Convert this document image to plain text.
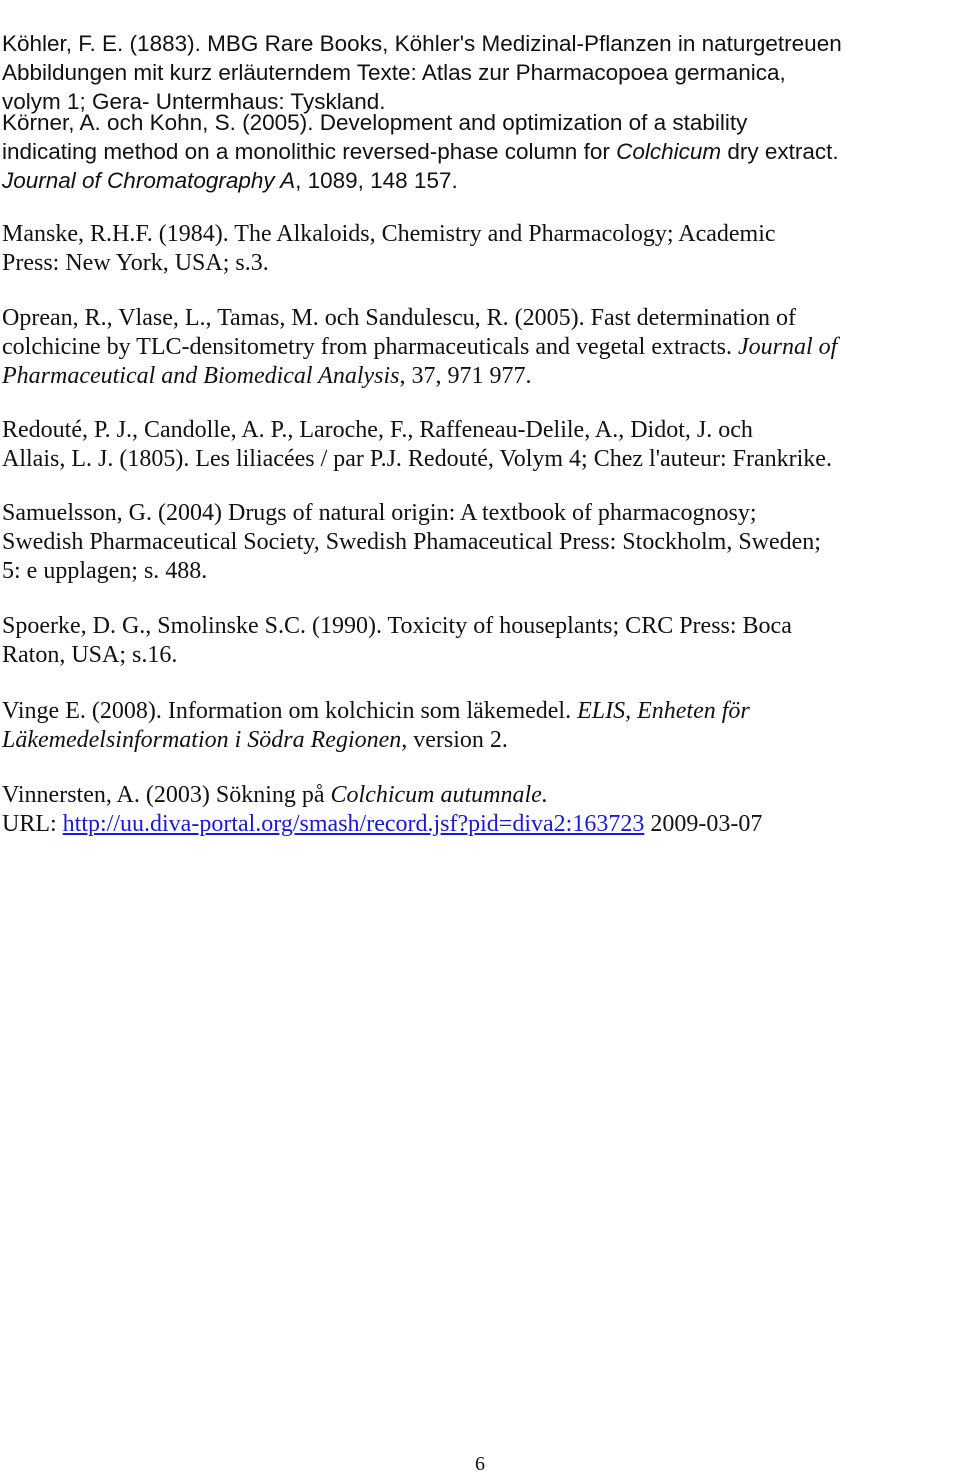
Köhler, F. E. (1883). MBG Rare Books, Köhler's Medizinal-Pflanzen in naturgetreuen
Abbildungen mit kurz erläuterndem Texte: Atlas zur Pharmacopoea germanica,
volym 1; Gera- Untermhaus: Tyskland.

Körner, A. och Kohn, S. (2005). Development and optimization of a stability
indicating method on a monolithic reversed-phase column for Colchicum dry extract.
Journal of Chromatography A, 1089, 148 157.

Manske, R.H.F. (1984). The Alkaloids, Chemistry and Pharmacology; Academic
Press: New York, USA; s.3.

Oprean, R., Vlase, L., Tamas, M. och Sandulescu, R. (2005). Fast determination of
colchicine by TLC-densitometry from pharmaceuticals and vegetal extracts. Journal of
Pharmaceutical and Biomedical Analysis, 37, 971 977.

Redouté, P. J., Candolle, A. P., Laroche, F., Raffeneau-Delile, A., Didot, J. och
Allais, L. J. (1805). Les liliacées / par P.J. Redouté, Volym 4; Chez l'auteur: Frankrike.

Samuelsson, G. (2004) Drugs of natural origin: A textbook of pharmacognosy;
Swedish Pharmaceutical Society, Swedish Phamaceutical Press: Stockholm, Sweden;
5: e upplagen; s. 488.

Spoerke, D. G., Smolinske S.C. (1990). Toxicity of houseplants; CRC Press: Boca
Raton, USA; s.16.

Vinge E. (2008). Information om kolchicin som läkemedel. ELIS, Enheten för
Läkemedelsinformation i Södra Regionen, version 2.

Vinnersten, A. (2003) Sökning på Colchicum autumnale.
URL: http://uu.diva-portal.org/smash/record.jsf?pid=diva2:163723 2009-03-07

6
